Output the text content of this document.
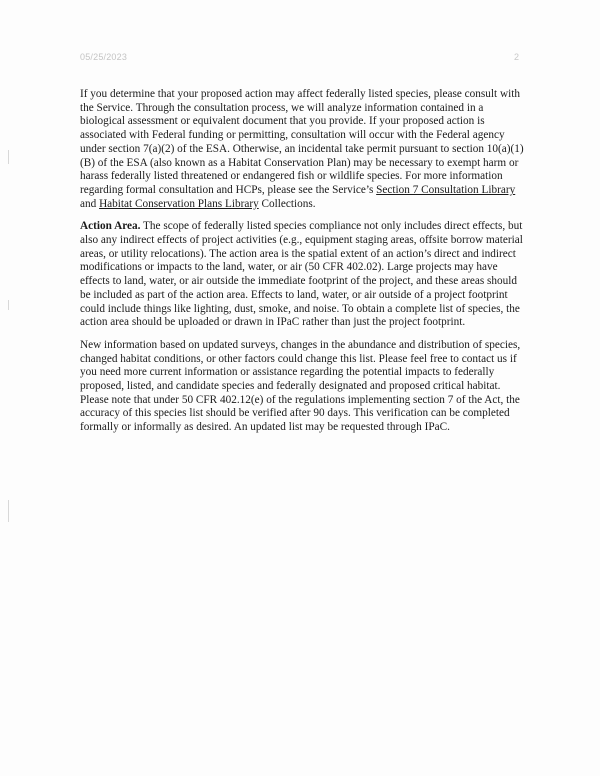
05/25/2023	2

If you determine that your proposed action may affect federally listed species, please consult with the Service. Through the consultation process, we will analyze information contained in a biological assessment or equivalent document that you provide. If your proposed action is associated with Federal funding or permitting, consultation will occur with the Federal agency under section 7(a)(2) of the ESA. Otherwise, an incidental take permit pursuant to section 10(a)(1)(B) of the ESA (also known as a Habitat Conservation Plan) may be necessary to exempt harm or harass federally listed threatened or endangered fish or wildlife species. For more information regarding formal consultation and HCPs, please see the Service’s Section 7 Consultation Library and Habitat Conservation Plans Library Collections.

Action Area. The scope of federally listed species compliance not only includes direct effects, but also any indirect effects of project activities (e.g., equipment staging areas, offsite borrow material areas, or utility relocations). The action area is the spatial extent of an action’s direct and indirect modifications or impacts to the land, water, or air (50 CFR 402.02). Large projects may have effects to land, water, or air outside the immediate footprint of the project, and these areas should be included as part of the action area. Effects to land, water, or air outside of a project footprint could include things like lighting, dust, smoke, and noise. To obtain a complete list of species, the action area should be uploaded or drawn in IPaC rather than just the project footprint.

New information based on updated surveys, changes in the abundance and distribution of species, changed habitat conditions, or other factors could change this list. Please feel free to contact us if you need more current information or assistance regarding the potential impacts to federally proposed, listed, and candidate species and federally designated and proposed critical habitat. Please note that under 50 CFR 402.12(e) of the regulations implementing section 7 of the Act, the accuracy of this species list should be verified after 90 days. This verification can be completed formally or informally as desired. An updated list may be requested through IPaC.
